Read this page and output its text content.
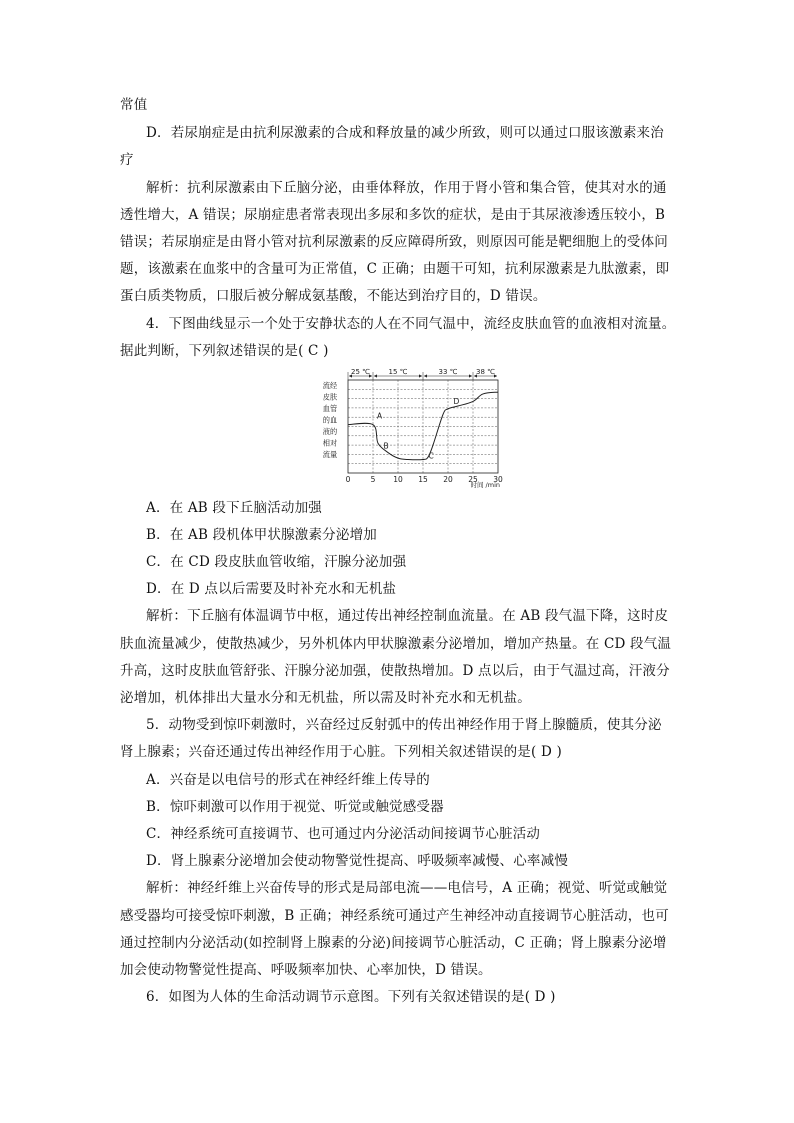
常值
D．若尿崩症是由抗利尿激素的合成和释放量的减少所致，则可以通过口服该激素来治
疗
解析：抗利尿激素由下丘脑分泌，由垂体释放，作用于肾小管和集合管，使其对水的通
透性增大，A 错误；尿崩症患者常表现出多尿和多饮的症状，是由于其尿液渗透压较小，B
错误；若尿崩症是由肾小管对抗利尿激素的反应障碍所致，则原因可能是靶细胞上的受体问
题，该激素在血浆中的含量可为正常值，C 正确；由题干可知，抗利尿激素是九肽激素，即
蛋白质类物质，口服后被分解成氨基酸，不能达到治疗目的，D 错误。
4．下图曲线显示一个处于安静状态的人在不同气温中，流经皮肤血管的血液相对流量。
据此判断，下列叙述错误的是( C )
流经
皮肤
血管
的血
液的
相对
流量
25 ℃	15 ℃	33 ℃	38 ℃
0	5 10 15 20 25 30
A
B
C
D
时间 /min
A．在 AB 段下丘脑活动加强
B．在 AB 段机体甲状腺激素分泌增加
C．在 CD 段皮肤血管收缩，汗腺分泌加强
D．在 D 点以后需要及时补充水和无机盐
解析：下丘脑有体温调节中枢，通过传出神经控制血流量。在 AB 段气温下降，这时皮
肤血流量减少，使散热减少，另外机体内甲状腺激素分泌增加，增加产热量。在 CD 段气温
升高，这时皮肤血管舒张、汗腺分泌加强，使散热增加。D 点以后，由于气温过高，汗液分
泌增加，机体排出大量水分和无机盐，所以需及时补充水和无机盐。
5．动物受到惊吓刺激时，兴奋经过反射弧中的传出神经作用于肾上腺髓质，使其分泌
肾上腺素；兴奋还通过传出神经作用于心脏。下列相关叙述错误的是( D )
A．兴奋是以电信号的形式在神经纤维上传导的
B．惊吓刺激可以作用于视觉、听觉或触觉感受器
C．神经系统可直接调节、也可通过内分泌活动间接调节心脏活动
D．肾上腺素分泌增加会使动物警觉性提高、呼吸频率减慢、心率减慢
解析：神经纤维上兴奋传导的形式是局部电流——电信号，A 正确；视觉、听觉或触觉
感受器均可接受惊吓刺激，B 正确；神经系统可通过产生神经冲动直接调节心脏活动，也可
通过控制内分泌活动(如控制肾上腺素的分泌)间接调节心脏活动，C 正确；肾上腺素分泌增
加会使动物警觉性提高、呼吸频率加快、心率加快，D 错误。
6．如图为人体的生命活动调节示意图。下列有关叙述错误的是( D )
